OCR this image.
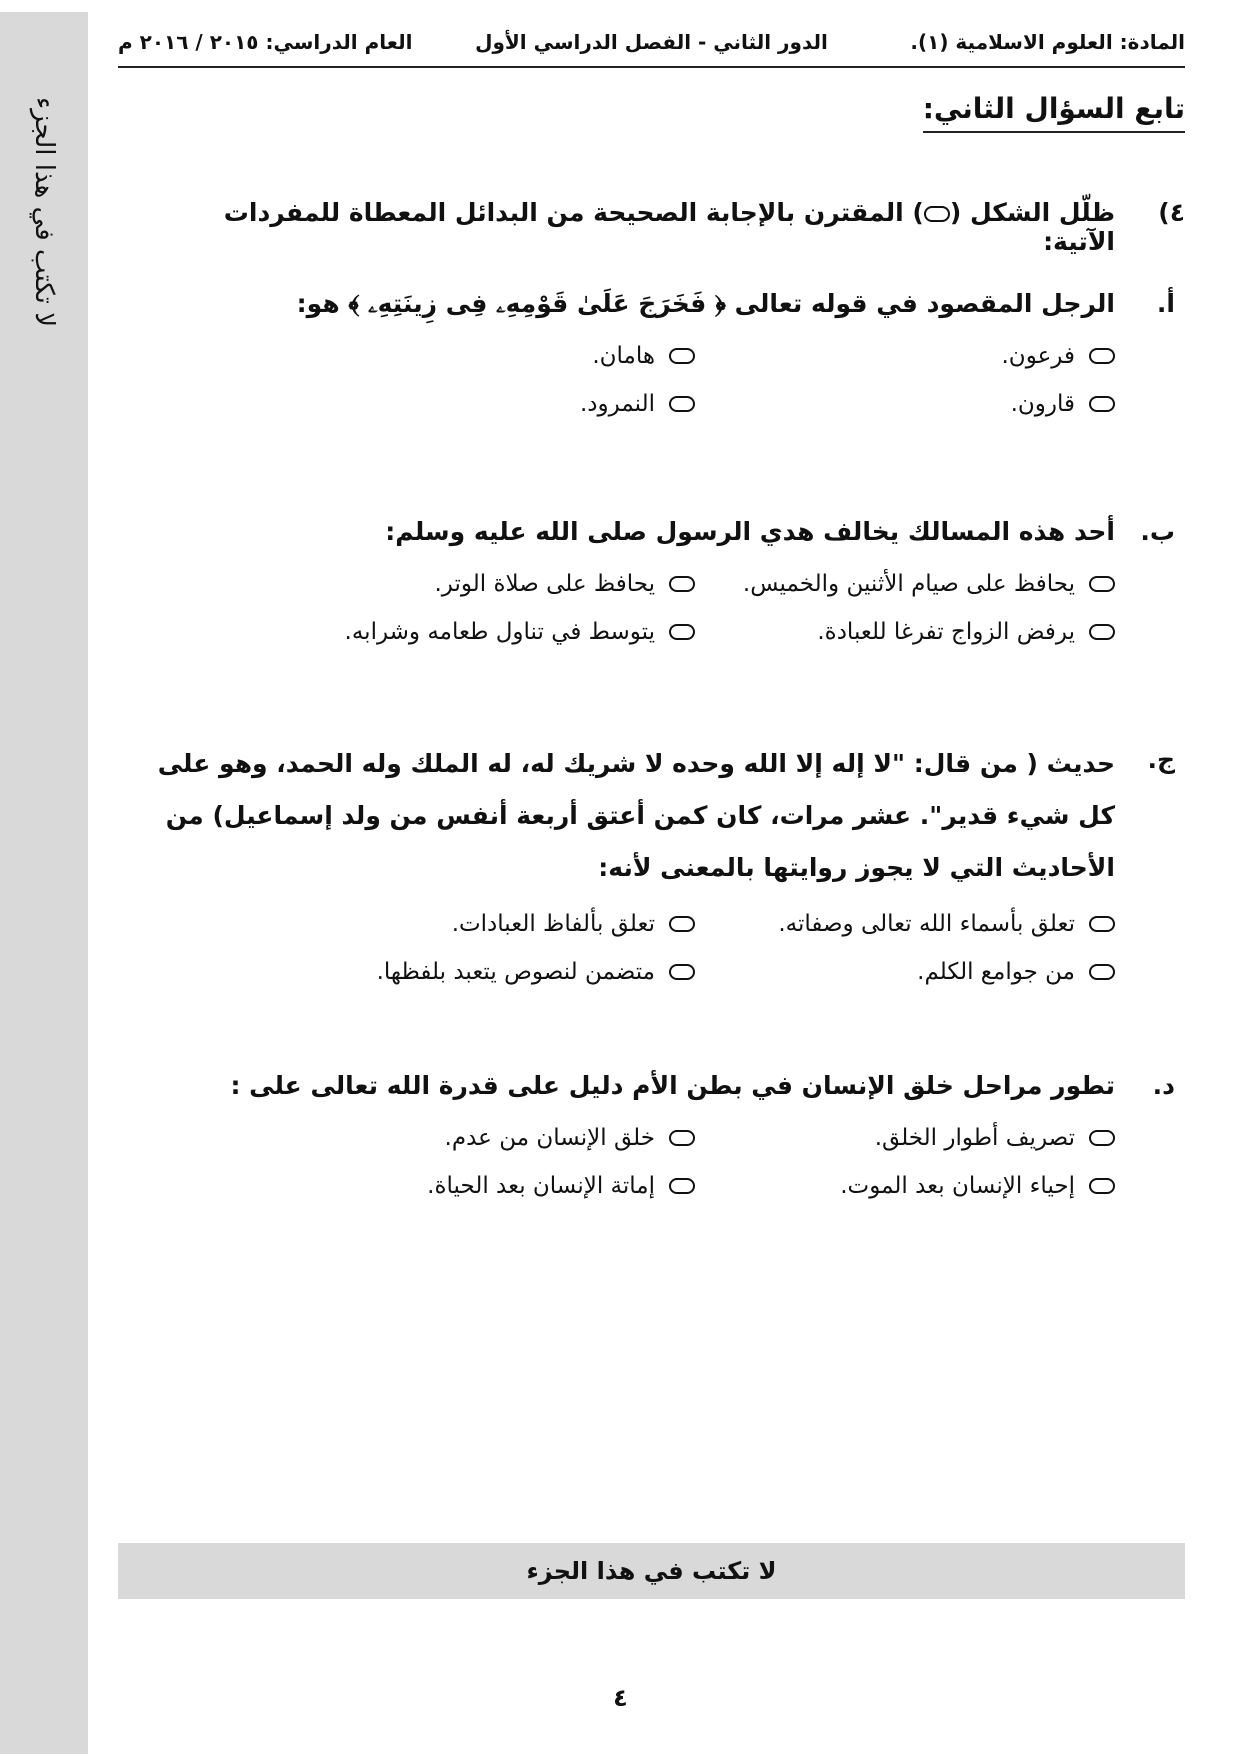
لا تكتب في هذا الجزء
المادة: العلوم الاسلامية (١).
الدور الثاني - الفصل الدراسي الأول
العام الدراسي: ٢٠١٥ / ٢٠١٦ م
تابع السؤال الثاني:
٤)
ظلّل الشكل () المقترن بالإجابة الصحيحة من البدائل المعطاة للمفردات الآتية:
أ.
الرجل المقصود في قوله تعالى ﴿ فَخَرَجَ عَلَىٰ قَوْمِهِۦ فِى زِينَتِهِۦ ﴾ هو:
فرعون.
هامان.
قارون.
النمرود.
ب.
أحد هذه المسالك يخالف هدي الرسول صلى الله عليه وسلم:
يحافظ على صيام الأثنين والخميس.
يحافظ على صلاة الوتر.
يرفض الزواج تفرغا للعبادة.
يتوسط في تناول طعامه وشرابه.
ج.
حديث ( من قال: "لا إله إلا الله وحده لا شريك له، له الملك وله الحمد، وهو على كل شيء قدير". عشر مرات، كان كمن أعتق أربعة أنفس من ولد إسماعيل) من الأحاديث التي لا يجوز روايتها بالمعنى لأنه:
تعلق بأسماء الله تعالى وصفاته.
تعلق بألفاظ العبادات.
من جوامع الكلم.
متضمن لنصوص يتعبد بلفظها.
د.
تطور مراحل خلق الإنسان في بطن الأم دليل على قدرة الله تعالى على :
تصريف أطوار الخلق.
خلق الإنسان من عدم.
إحياء الإنسان بعد الموت.
إماتة الإنسان بعد الحياة.
لا تكتب في هذا الجزء
٤
